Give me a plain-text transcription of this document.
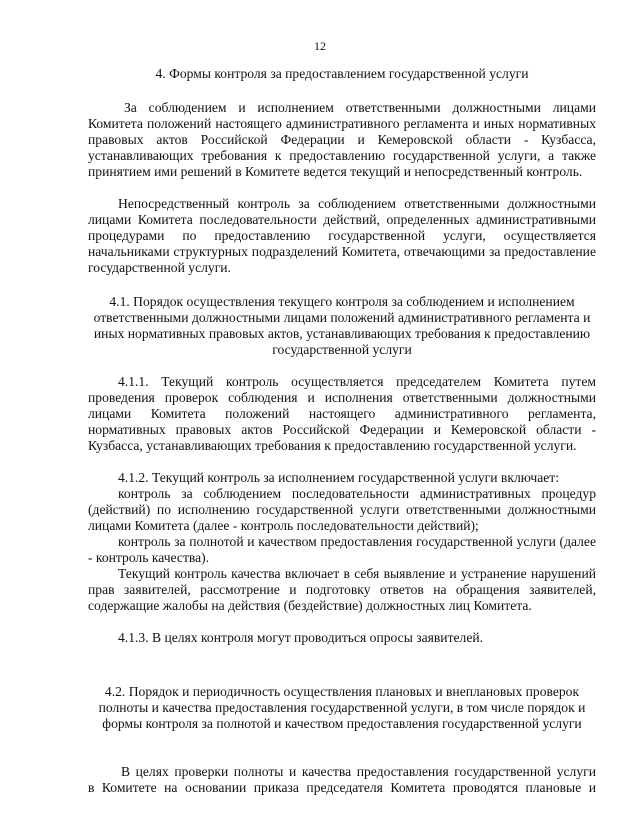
12

4. Формы контроля за предоставлением государственной услуги

За соблюдением и исполнением ответственными должностными лицами Комитета положений настоящего административного регламента и иных нормативных правовых актов Российской Федерации и Кемеровской области - Кузбасса, устанавливающих требования к предоставлению государственной услуги, а также принятием ими решений в Комитете ведется текущий и непосредственный контроль.

Непосредственный контроль за соблюдением ответственными должностными лицами Комитета последовательности действий, определенных административными процедурами по предоставлению государственной услуги, осуществляется начальниками структурных подразделений Комитета, отвечающими за предоставление государственной услуги.

4.1. Порядок осуществления текущего контроля за соблюдением и исполнением ответственными должностными лицами положений административного регламента и иных нормативных правовых актов, устанавливающих требования к предоставлению государственной услуги

4.1.1. Текущий контроль осуществляется председателем Комитета путем проведения проверок соблюдения и исполнения ответственными должностными лицами Комитета положений настоящего административного регламента, нормативных правовых актов Российской Федерации и Кемеровской области - Кузбасса, устанавливающих требования к предоставлению государственной услуги.

4.1.2. Текущий контроль за исполнением государственной услуги включает:

контроль за соблюдением последовательности административных процедур (действий) по исполнению государственной услуги ответственными должностными лицами Комитета (далее - контроль последовательности действий);

контроль за полнотой и качеством предоставления государственной услуги (далее - контроль качества).

Текущий контроль качества включает в себя выявление и устранение нарушений прав заявителей, рассмотрение и подготовку ответов на обращения заявителей, содержащие жалобы на действия (бездействие) должностных лиц Комитета.

4.1.3. В целях контроля могут проводиться опросы заявителей.

4.2. Порядок и периодичность осуществления плановых и внеплановых проверок полноты и качества предоставления государственной услуги, в том числе порядок и формы контроля за полнотой и качеством предоставления государственной услуги

В целях проверки полноты и качества предоставления государственной услуги

в Комитете на основании приказа председателя Комитета проводятся плановые и
